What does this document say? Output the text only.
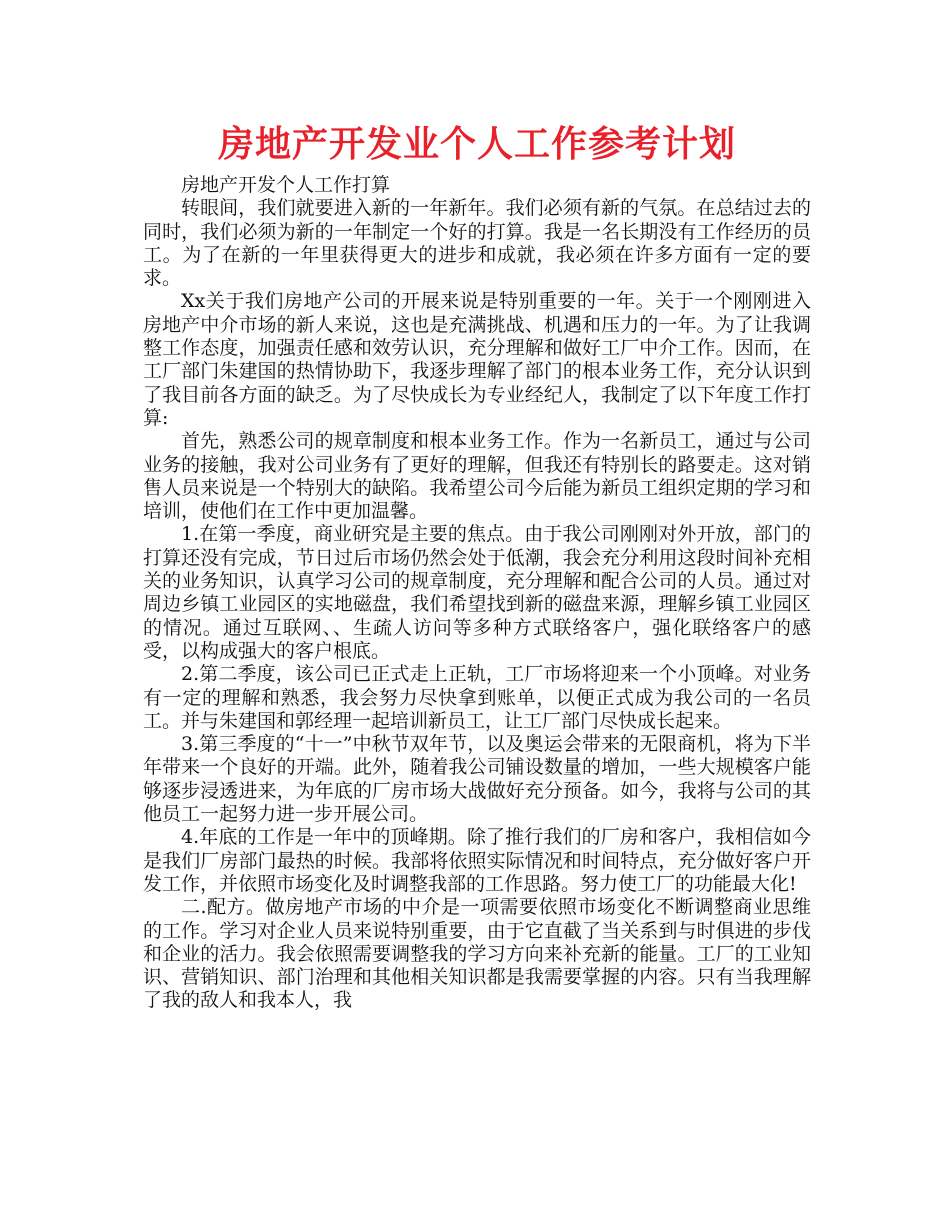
房地产开发业个人工作参考计划

房地产开发个人工作打算

转眼间，我们就要进入新的一年新年。我们必须有新的气氛。在总结过去的同时，我们必须为新的一年制定一个好的打算。我是一名长期没有工作经历的员工。为了在新的一年里获得更大的进步和成就，我必须在许多方面有一定的要求。

Xx关于我们房地产公司的开展来说是特别重要的一年。关于一个刚刚进入房地产中介市场的新人来说，这也是充满挑战、机遇和压力的一年。为了让我调整工作态度，加强责任感和效劳认识，充分理解和做好工厂中介工作。因而，在工厂部门朱建国的热情协助下，我逐步理解了部门的根本业务工作，充分认识到了我目前各方面的缺乏。为了尽快成长为专业经纪人，我制定了以下年度工作打算:

首先，熟悉公司的规章制度和根本业务工作。作为一名新员工，通过与公司业务的接触，我对公司业务有了更好的理解，但我还有特别长的路要走。这对销售人员来说是一个特别大的缺陷。我希望公司今后能为新员工组织定期的学习和培训，使他们在工作中更加温馨。

1.在第一季度，商业研究是主要的焦点。由于我公司刚刚对外开放，部门的打算还没有完成，节日过后市场仍然会处于低潮，我会充分利用这段时间补充相关的业务知识，认真学习公司的规章制度，充分理解和配合公司的人员。通过对周边乡镇工业园区的实地磁盘，我们希望找到新的磁盘来源，理解乡镇工业园区的情况。通过互联网、、生疏人访问等多种方式联络客户，强化联络客户的感受，以构成强大的客户根底。

2.第二季度，该公司已正式走上正轨，工厂市场将迎来一个小顶峰。对业务有一定的理解和熟悉，我会努力尽快拿到账单，以便正式成为我公司的一名员工。并与朱建国和郭经理一起培训新员工，让工厂部门尽快成长起来。

3.第三季度的“十一”中秋节双年节，以及奥运会带来的无限商机，将为下半年带来一个良好的开端。此外，随着我公司铺设数量的增加，一些大规模客户能够逐步浸透进来，为年底的厂房市场大战做好充分预备。如今，我将与公司的其他员工一起努力进一步开展公司。

4.年底的工作是一年中的顶峰期。除了推行我们的厂房和客户，我相信如今是我们厂房部门最热的时候。我部将依照实际情况和时间特点，充分做好客户开发工作，并依照市场变化及时调整我部的工作思路。努力使工厂的功能最大化!

二.配方。做房地产市场的中介是一项需要依照市场变化不断调整商业思维的工作。学习对企业人员来说特别重要，由于它直截了当关系到与时俱进的步伐和企业的活力。我会依照需要调整我的学习方向来补充新的能量。工厂的工业知识、营销知识、部门治理和其他相关知识都是我需要掌握的内容。只有当我理解了我的敌人和我本人，我
